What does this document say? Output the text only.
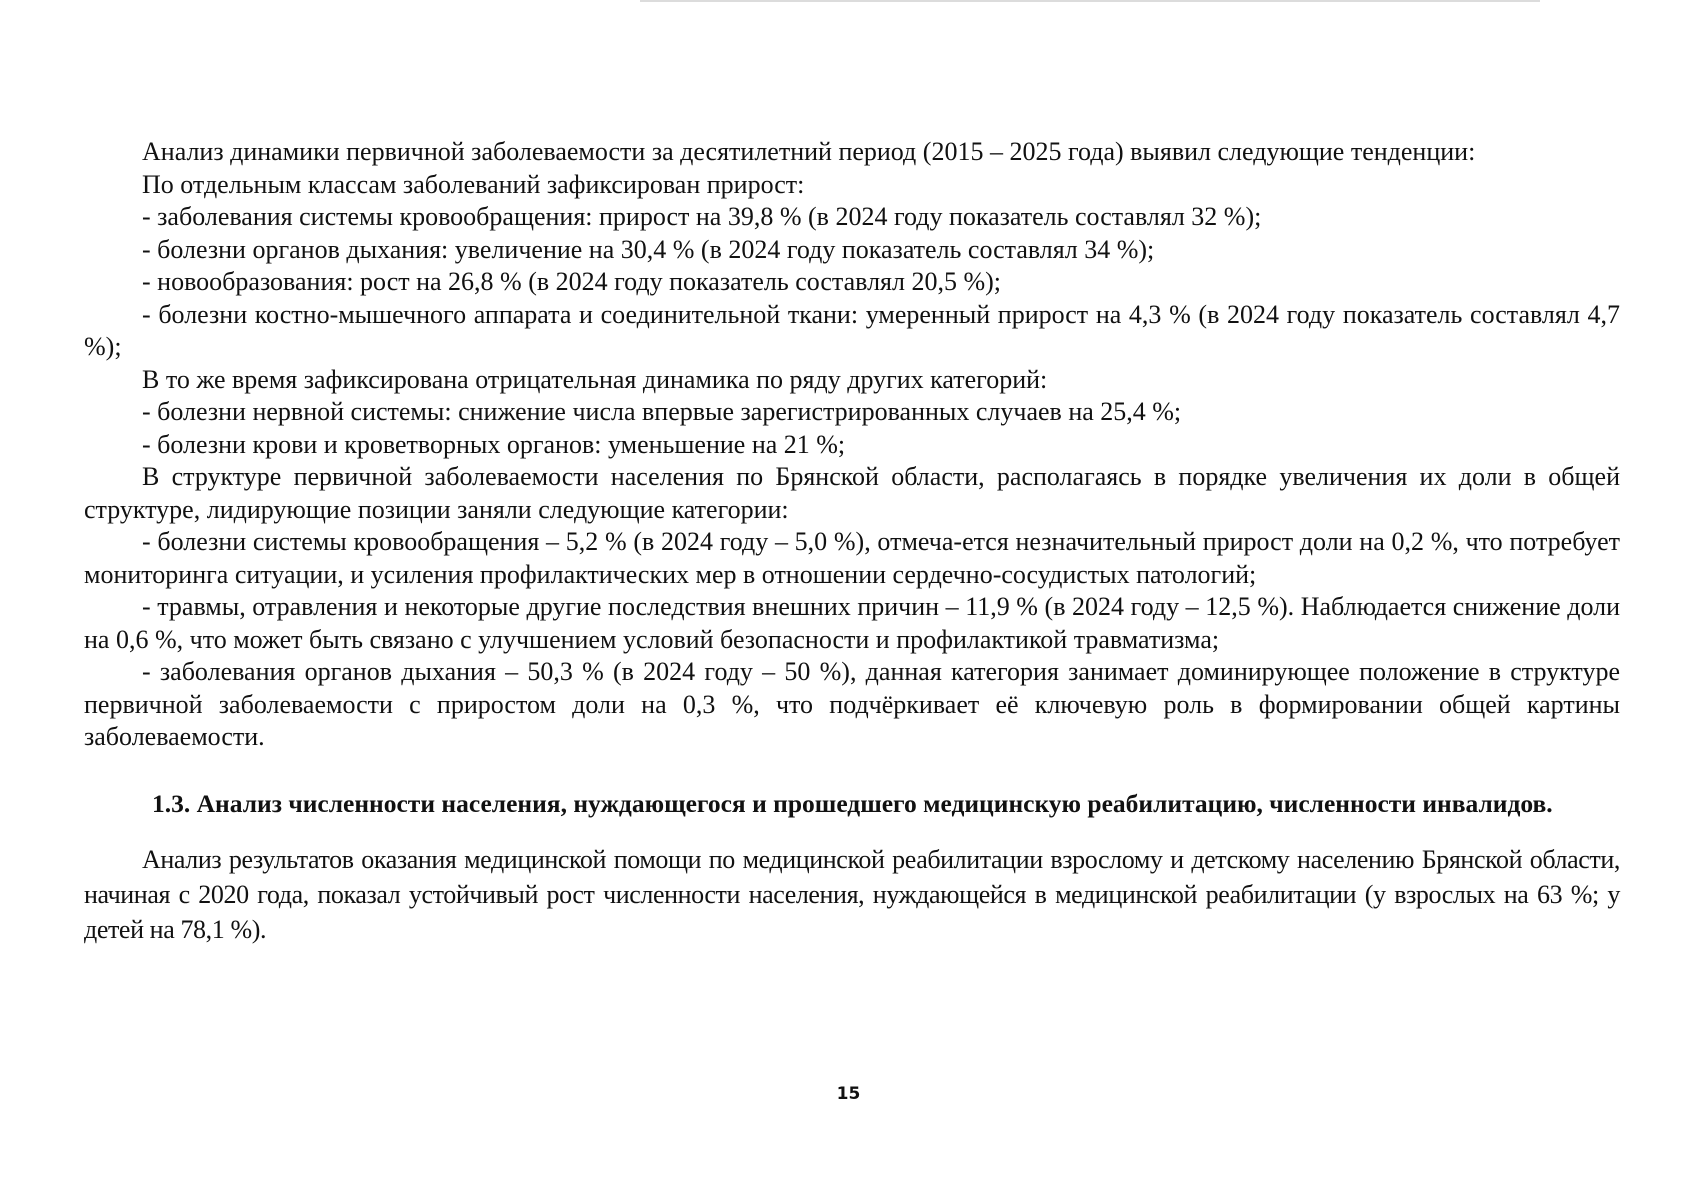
Анализ динамики первичной заболеваемости за десятилетний период (2015 – 2025 года) выявил следующие тенденции:

По отдельным классам заболеваний зафиксирован прирост:

- заболевания системы кровообращения: прирост на 39,8 % (в 2024 году показатель составлял 32 %);

- болезни органов дыхания: увеличение на 30,4 % (в 2024 году показатель составлял 34 %);

- новообразования: рост на 26,8 % (в 2024 году показатель составлял 20,5 %);

- болезни костно-мышечного аппарата и соединительной ткани: умеренный прирост на 4,3 % (в 2024 году показатель составлял 4,7 %);

В то же время зафиксирована отрицательная динамика по ряду других категорий:

- болезни нервной системы: снижение числа впервые зарегистрированных случаев на 25,4 %;

- болезни крови и кроветворных органов: уменьшение на 21 %;

В структуре первичной заболеваемости населения по Брянской области, располагаясь в порядке увеличения их доли в общей структуре, лидирующие позиции заняли следующие категории:

- болезни системы кровообращения – 5,2 % (в 2024 году – 5,0 %), отмеча-ется незначительный прирост доли на 0,2 %, что потребует мониторинга ситуации, и усиления профилактических мер в отношении сердечно-сосудистых патологий;

- травмы, отравления и некоторые другие последствия внешних причин – 11,9 % (в 2024 году – 12,5 %). Наблюдается снижение доли на 0,6 %, что может быть связано с улучшением условий безопасности и профилактикой травматизма;

- заболевания органов дыхания – 50,3 % (в 2024 году – 50 %), данная категория занимает доминирующее положение в структуре первичной заболеваемости с приростом доли на 0,3 %, что подчёркивает её ключевую роль в формировании общей картины заболеваемости.

1.3. Анализ численности населения, нуждающегося и прошедшего медицинскую реабилитацию, численности инвалидов.

Анализ результатов оказания медицинской помощи по медицинской реабилитации взрослому и детскому населению Брянской области, начиная с 2020 года, показал устойчивый рост численности населения, нуждающейся в медицинской реабилитации (у взрослых на 63 %; у детей на 78,1 %).

15
